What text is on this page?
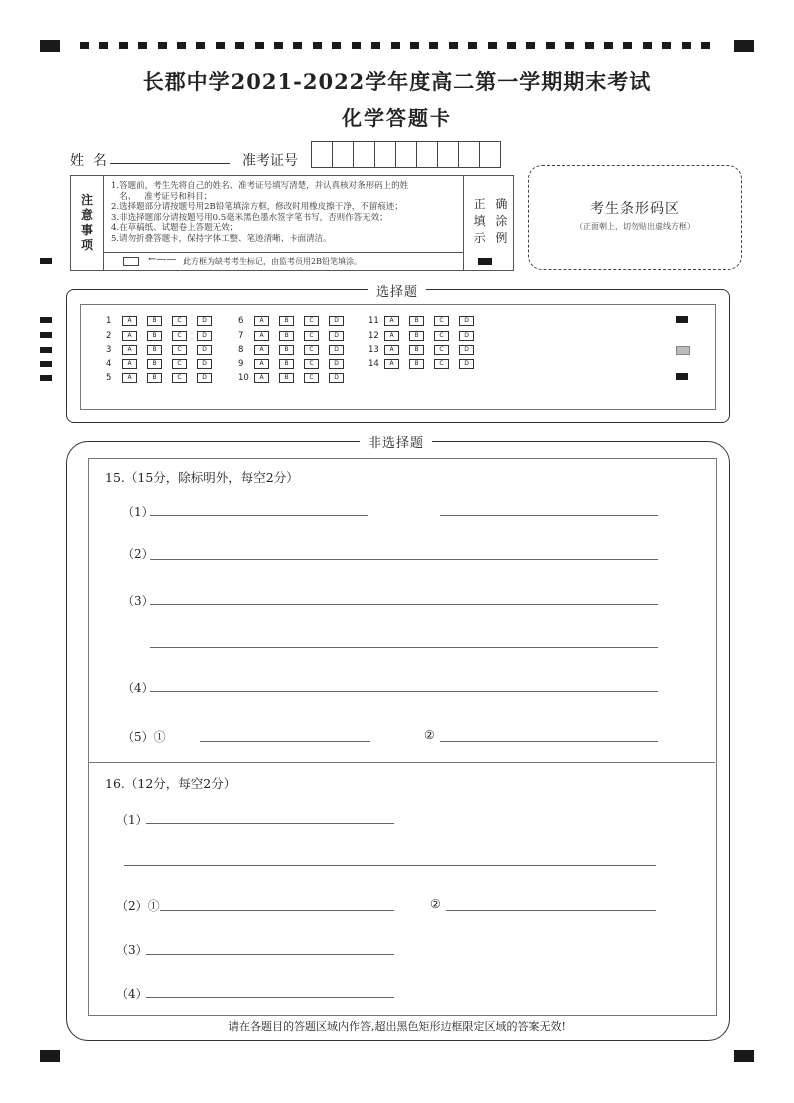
长郡中学2021-2022学年度高二第一学期期末考试
化学答题卡
姓  名	准考证号
注
意
事
项
1.答题前，考生先将自己的姓名、准考证号填写清楚，并认真核对条形码上的姓
名、   准考证号和科目；
2.选择题部分请按题号用2B铅笔填涂方框，修改时用橡皮擦干净，不留痕迹；
3.非选择题部分请按题号用0.5毫米黑色墨水签字笔书写，否则作答无效；
4.在草稿纸、试题卷上答题无效；
5.请勿折叠答题卡，保持字体工整、笔迹清晰、卡面清洁。
←—— 此方框为缺考考生标记，由监考员用2B铅笔填涂。
正 确
填 涂
示 例
考生条形码区
（正面朝上，切勿贴出虚线方框）
选择题
1	A	B	C	D
2	A	B	C	D
3	A	B	C	D
4	A	B	C	D
5	A	B	C	D
6	A	B	C	D
7	A	B	C	D
8	A	B	C	D
9	A	B	C	D
10	A	B	C	D
11	A	B	C	D
12	A	B	C	D
13	A	B	C	D
14	A	B	C	D
非选择题
15.（15分，除标明外，每空2分）
（1）
（2）
（3）
（4）
（5）①	②
16.（12分，每空2分）
（1）
（2）①	②
（3）
（4）
请在各题目的答题区域内作答,超出黑色矩形边框限定区域的答案无效!
